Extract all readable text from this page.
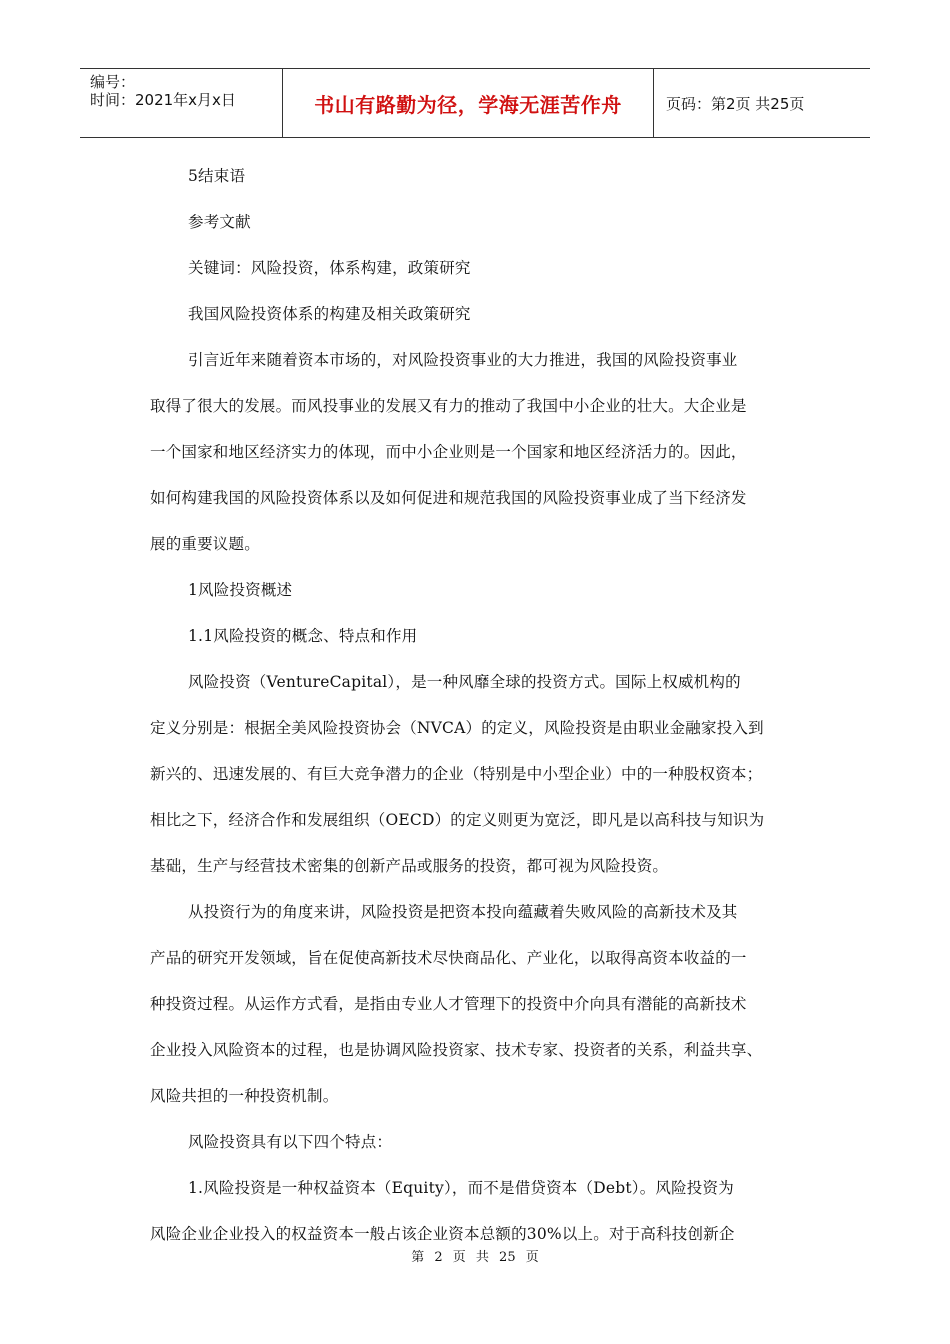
编号：
时间：2021年x月x日	书山有路勤为径，学海无涯苦作舟	页码：第2页 共25页
5结束语
参考文献
关键词：风险投资，体系构建，政策研究
我国风险投资体系的构建及相关政策研究
引言近年来随着资本市场的，对风险投资事业的大力推进，我国的风险投资事业
取得了很大的发展。而风投事业的发展又有力的推动了我国中小企业的壮大。大企业是
一个国家和地区经济实力的体现，而中小企业则是一个国家和地区经济活力的。因此，
如何构建我国的风险投资体系以及如何促进和规范我国的风险投资事业成了当下经济发
展的重要议题。
1风险投资概述
1.1风险投资的概念、特点和作用
风险投资（VentureCapital），是一种风靡全球的投资方式。国际上权威机构的
定义分别是：根据全美风险投资协会（NVCA）的定义，风险投资是由职业金融家投入到
新兴的、迅速发展的、有巨大竞争潜力的企业（特别是中小型企业）中的一种股权资本；
相比之下，经济合作和发展组织（OECD）的定义则更为宽泛，即凡是以高科技与知识为
基础，生产与经营技术密集的创新产品或服务的投资，都可视为风险投资。
从投资行为的角度来讲，风险投资是把资本投向蕴藏着失败风险的高新技术及其
产品的研究开发领域，旨在促使高新技术尽快商品化、产业化，以取得高资本收益的一
种投资过程。从运作方式看，是指由专业人才管理下的投资中介向具有潜能的高新技术
企业投入风险资本的过程，也是协调风险投资家、技术专家、投资者的关系，利益共享、
风险共担的一种投资机制。
风险投资具有以下四个特点：
1.风险投资是一种权益资本（Equity），而不是借贷资本（Debt）。风险投资为
风险企业企业投入的权益资本一般占该企业资本总额的30%以上。对于高科技创新企
第 2 页 共 25 页
